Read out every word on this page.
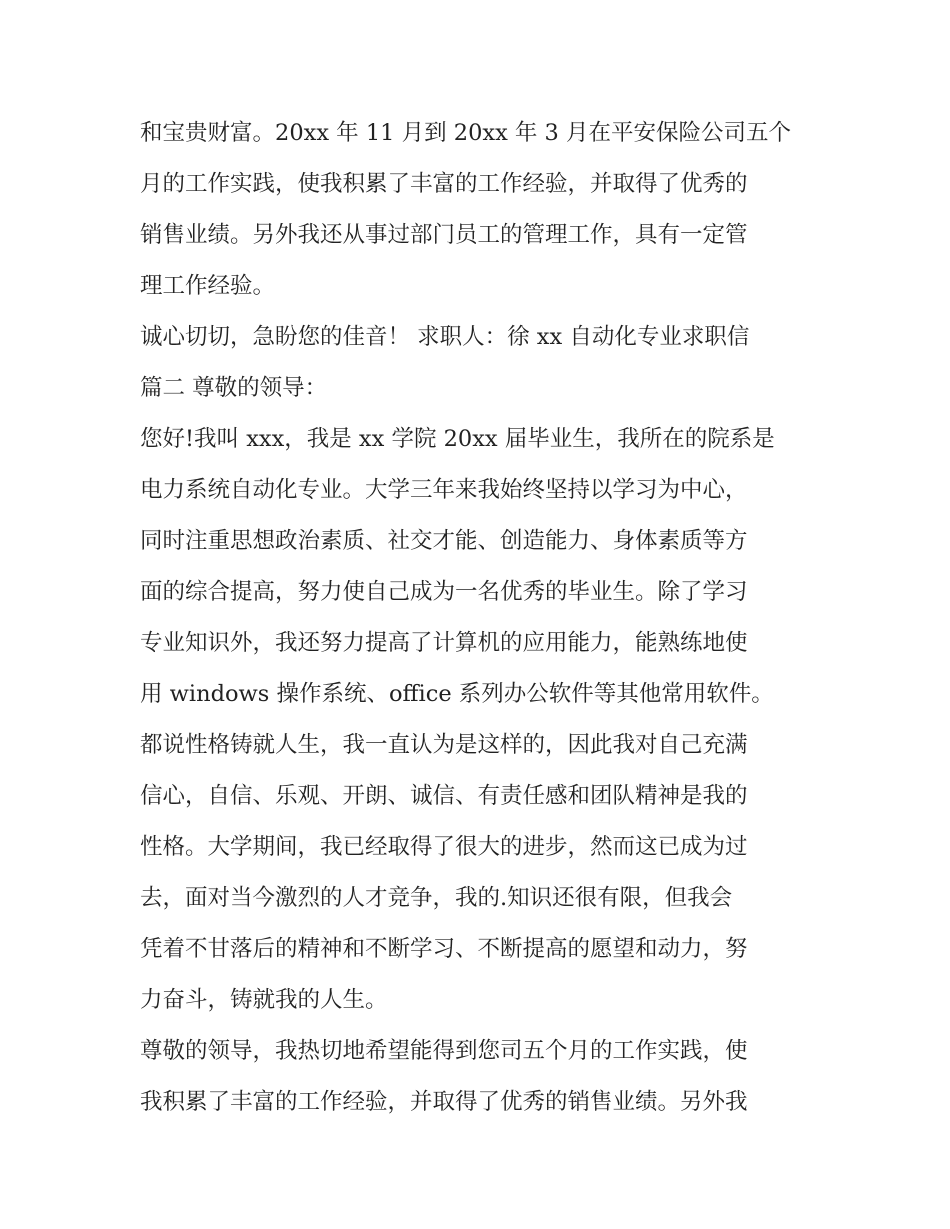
和宝贵财富。20xx 年 11 月到 20xx 年 3 月在平安保险公司五个
月的工作实践，使我积累了丰富的工作经验，并取得了优秀的
销售业绩。另外我还从事过部门员工的管理工作，具有一定管
理工作经验。
诚心切切，急盼您的佳音！ 求职人：徐 xx 自动化专业求职信
篇二 尊敬的领导：
您好!我叫 xxx，我是 xx 学院 20xx 届毕业生，我所在的院系是
电力系统自动化专业。大学三年来我始终坚持以学习为中心，
同时注重思想政治素质、社交才能、创造能力、身体素质等方
面的综合提高，努力使自己成为一名优秀的毕业生。除了学习
专业知识外，我还努力提高了计算机的应用能力，能熟练地使
用 windows 操作系统、office 系列办公软件等其他常用软件。
都说性格铸就人生，我一直认为是这样的，因此我对自己充满
信心，自信、乐观、开朗、诚信、有责任感和团队精神是我的
性格。大学期间，我已经取得了很大的进步，然而这已成为过
去，面对当今激烈的人才竞争，我的.知识还很有限，但我会
凭着不甘落后的精神和不断学习、不断提高的愿望和动力，努
力奋斗，铸就我的人生。
尊敬的领导，我热切地希望能得到您司五个月的工作实践，使
我积累了丰富的工作经验，并取得了优秀的销售业绩。另外我
